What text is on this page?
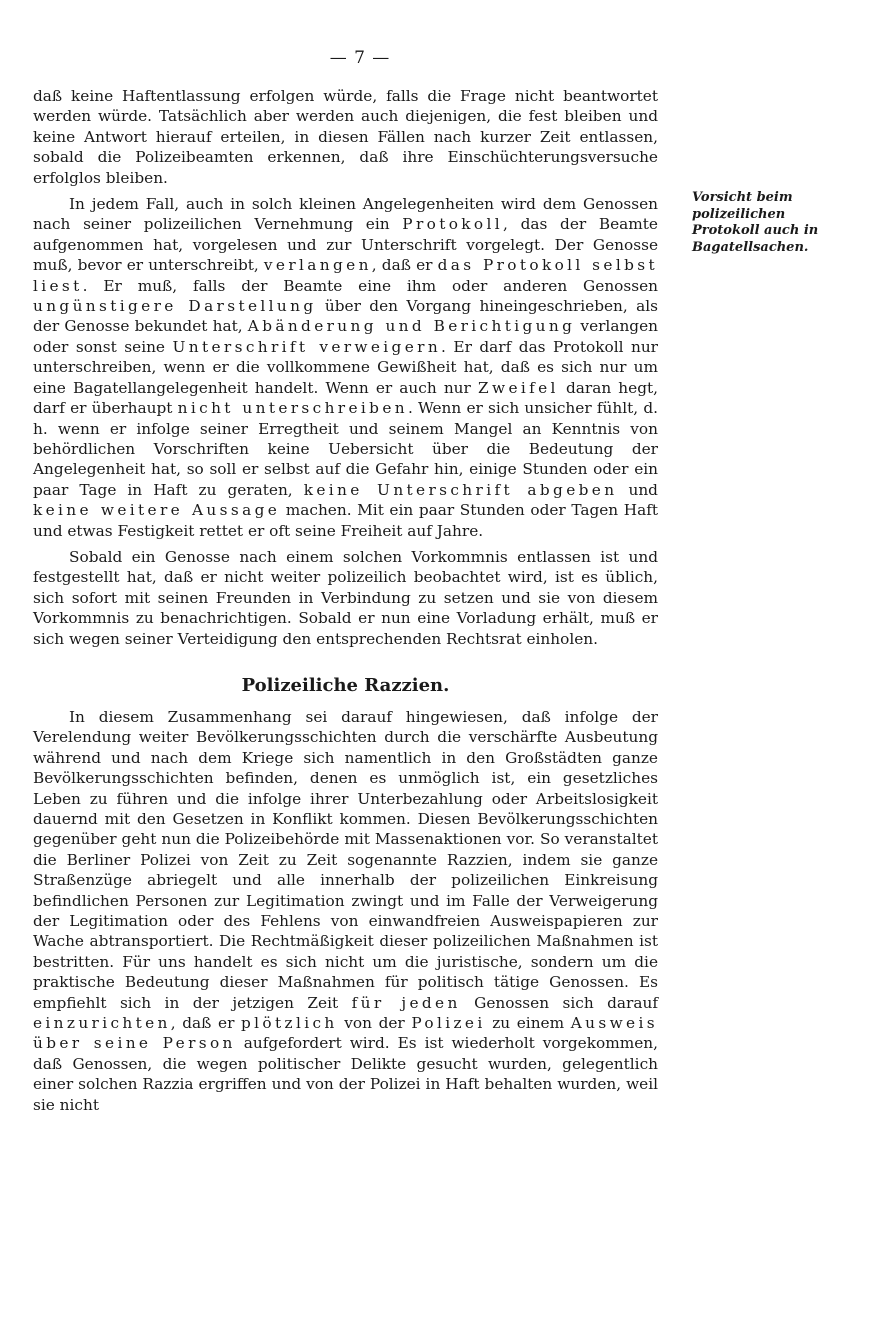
— 7 —
Vorsicht beim polizeilichen Protokoll auch in Bagatellsachen.

daß keine Haftentlassung erfolgen würde, falls die Frage nicht beantwortet werden würde. Tatsächlich aber werden auch diejenigen, die fest bleiben und keine Antwort hierauf erteilen, in diesen Fällen nach kurzer Zeit entlassen, sobald die Polizeibeamten erkennen, daß ihre Einschüchterungsversuche erfolglos bleiben.

In jedem Fall, auch in solch kleinen Angelegenheiten wird dem Genossen nach seiner polizeilichen Vernehmung ein Protokoll, das der Beamte aufgenommen hat, vorgelesen und zur Unterschrift vorgelegt. Der Genosse muß, bevor er unterschreibt, verlangen, daß er das Protokoll selbst liest. Er muß, falls der Beamte eine ihm oder anderen Genossen ungünstigere Darstellung über den Vorgang hineingeschrieben, als der Genosse bekundet hat, Abänderung und Berichtigung verlangen oder sonst seine Unterschrift verweigern. Er darf das Protokoll nur unterschreiben, wenn er die vollkommene Gewißheit hat, daß es sich nur um eine Bagatellangelegenheit handelt. Wenn er auch nur Zweifel daran hegt, darf er überhaupt nicht unterschreiben. Wenn er sich unsicher fühlt, d. h. wenn er infolge seiner Erregtheit und seinem Mangel an Kenntnis von behördlichen Vorschriften keine Uebersicht über die Bedeutung der Angelegenheit hat, so soll er selbst auf die Gefahr hin, einige Stunden oder ein paar Tage in Haft zu geraten, keine Unterschrift abgeben und keine weitere Aussage machen. Mit ein paar Stunden oder Tagen Haft und etwas Festigkeit rettet er oft seine Freiheit auf Jahre.

Sobald ein Genosse nach einem solchen Vorkommnis entlassen ist und festgestellt hat, daß er nicht weiter polizeilich beobachtet wird, ist es üblich, sich sofort mit seinen Freunden in Verbindung zu setzen und sie von diesem Vorkommnis zu benachrichtigen. Sobald er nun eine Vorladung erhält, muß er sich wegen seiner Verteidigung den entsprechenden Rechtsrat einholen.

Polizeiliche Razzien.

In diesem Zusammenhang sei darauf hingewiesen, daß infolge der Verelendung weiter Bevölkerungsschichten durch die verschärfte Ausbeutung während und nach dem Kriege sich namentlich in den Großstädten ganze Bevölkerungsschichten befinden, denen es unmöglich ist, ein gesetzliches Leben zu führen und die infolge ihrer Unterbezahlung oder Arbeitslosigkeit dauernd mit den Gesetzen in Konflikt kommen. Diesen Bevölkerungsschichten gegenüber geht nun die Polizeibehörde mit Massenaktionen vor. So veranstaltet die Berliner Polizei von Zeit zu Zeit sogenannte Razzien, indem sie ganze Straßenzüge abriegelt und alle innerhalb der polizeilichen Einkreisung befindlichen Personen zur Legitimation zwingt und im Falle der Verweigerung der Legitimation oder des Fehlens von einwandfreien Ausweispapieren zur Wache abtransportiert. Die Rechtmäßigkeit dieser polizeilichen Maßnahmen ist bestritten. Für uns handelt es sich nicht um die juristische, sondern um die praktische Bedeutung dieser Maßnahmen für politisch tätige Genossen. Es empfiehlt sich in der jetzigen Zeit für jeden Genossen sich darauf einzurichten, daß er plötzlich von der Polizei zu einem Ausweis über seine Person aufgefordert wird. Es ist wiederholt vorgekommen, daß Genossen, die wegen politischer Delikte gesucht wurden, gelegentlich einer solchen Razzia ergriffen und von der Polizei in Haft behalten wurden, weil sie nicht
